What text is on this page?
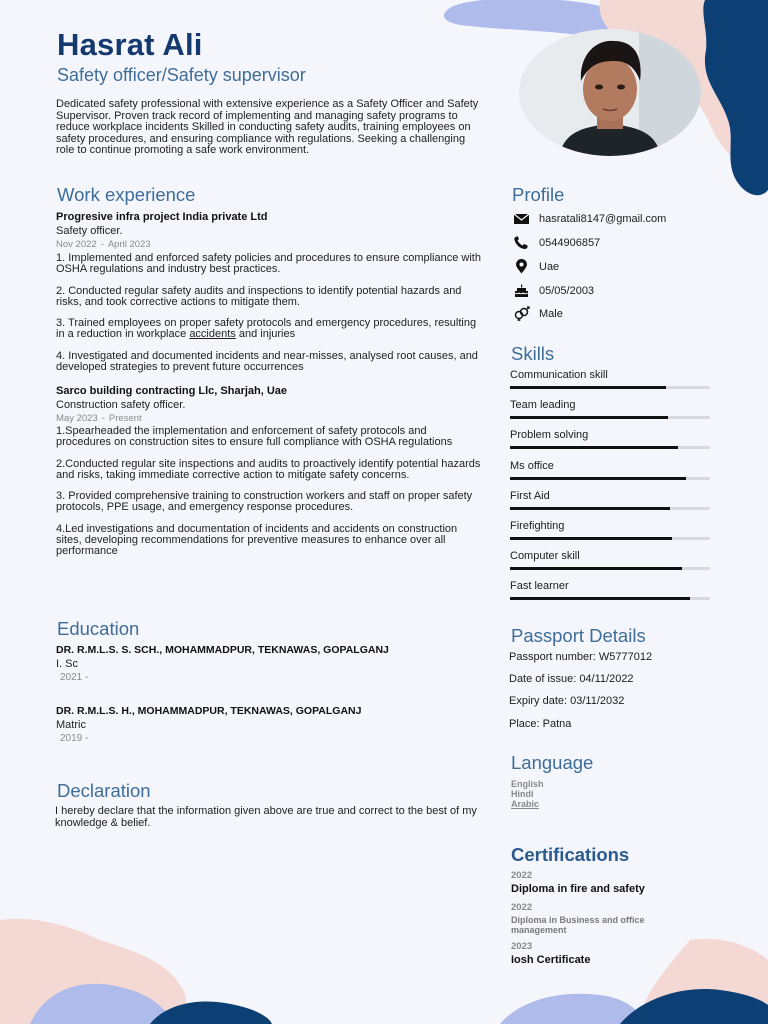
Hasrat Ali
Safety officer/Safety supervisor
Dedicated safety professional with extensive experience as a Safety Officer and Safety Supervisor. Proven track record of implementing and managing safety programs to reduce workplace incidents Skilled in conducting safety audits, training employees on safety procedures, and ensuring compliance with regulations. Seeking a challenging role to continue promoting a safe work environment.
Work experience
Progresive infra project India private Ltd
Safety officer.
Nov 2022 - April 2023
1. Implemented and enforced safety policies and procedures to ensure compliance with OSHA regulations and industry best practices.
2. Conducted regular safety audits and inspections to identify potential hazards and risks, and took corrective actions to mitigate them.
3. Trained employees on proper safety protocols and emergency procedures, resulting in a reduction in workplace accidents and injuries
4. Investigated and documented incidents and near-misses, analysed root causes, and developed strategies to prevent future occurrences
Sarco building contracting Llc, Sharjah, Uae
Construction safety officer.
May 2023 - Present
1.Spearheaded the implementation and enforcement of safety protocols and procedures on construction sites to ensure full compliance with OSHA regulations
2.Conducted regular site inspections and audits to proactively identify potential hazards and risks, taking immediate corrective action to mitigate safety concerns.
3. Provided comprehensive training to construction workers and staff on proper safety protocols, PPE usage, and emergency response procedures.
4.Led investigations and documentation of incidents and accidents on construction sites, developing recommendations for preventive measures to enhance over all performance
Education
DR. R.M.L.S. S. SCH., MOHAMMADPUR, TEKNAWAS, GOPALGANJ
I. Sc
2021 -
DR. R.M.L.S. H., MOHAMMADPUR, TEKNAWAS, GOPALGANJ
Matric
2019 -
Declaration
I hereby declare that the information given above are true and correct to the best of my knowledge & belief.
Profile
hasratali8147@gmail.com
0544906857
Uae
05/05/2003
Male
Skills
Communication skill
Team leading
Problem solving
Ms office
First Aid
Firefighting
Computer skill
Fast learner
Passport Details
Passport number: W5777012
Date of issue: 04/11/2022
Expiry date: 03/11/2032
Place: Patna
Language
English
Hindi
Arabic
Certifications
2022
Diploma in fire and safety
2022
Diploma in Business and office management
2023
Iosh Certificate
